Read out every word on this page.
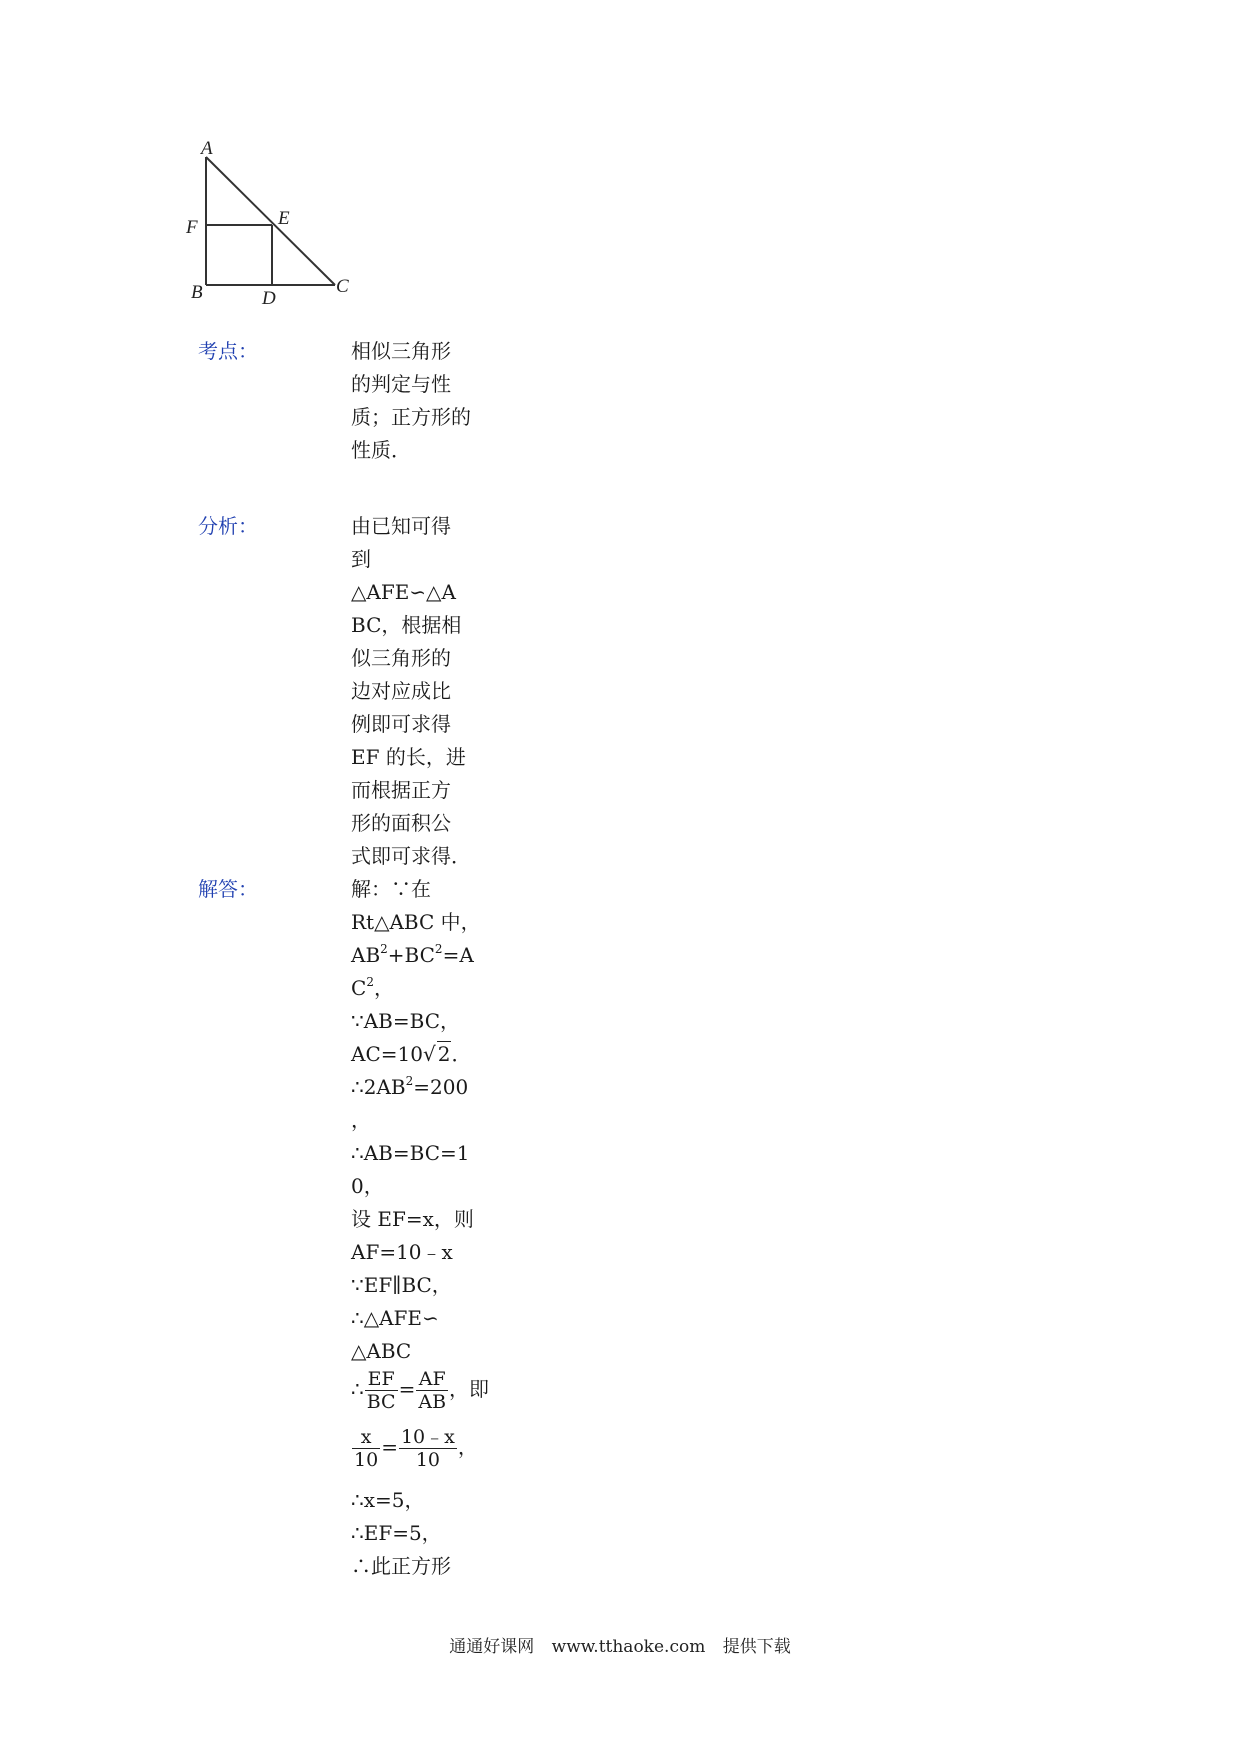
A
F	E
B	D
C
考点：	相似三角形
的判定与性
质；正方形的
性质．
分析：	由已知可得
到
△AFE∽△A
BC，根据相
似三角形的
边对应成比
例即可求得
EF 的长，进
而根据正方
形的面积公
式即可求得．
解答：	解：∵在
Rt△ABC 中，
$AB^2+BC^2=A$
$C^2$，
∵AB=BC，
AC=10√ 2．
$\therefore 2AB^2=200$
，
∴AB=BC=1
0，
设 EF=x，则
AF=10﹣x
∵EF∥BC，
∴△AFE∽
△ABC
∴ $\frac{EF}{BC} = \frac{AF}{AB}$ ，即
$\frac{x}{10} = \frac{10﹣x}{10}$ ，
∴x=5，
∴EF=5，
∴此正方形
通通好课网 www.tthaoke.com 提供下载
